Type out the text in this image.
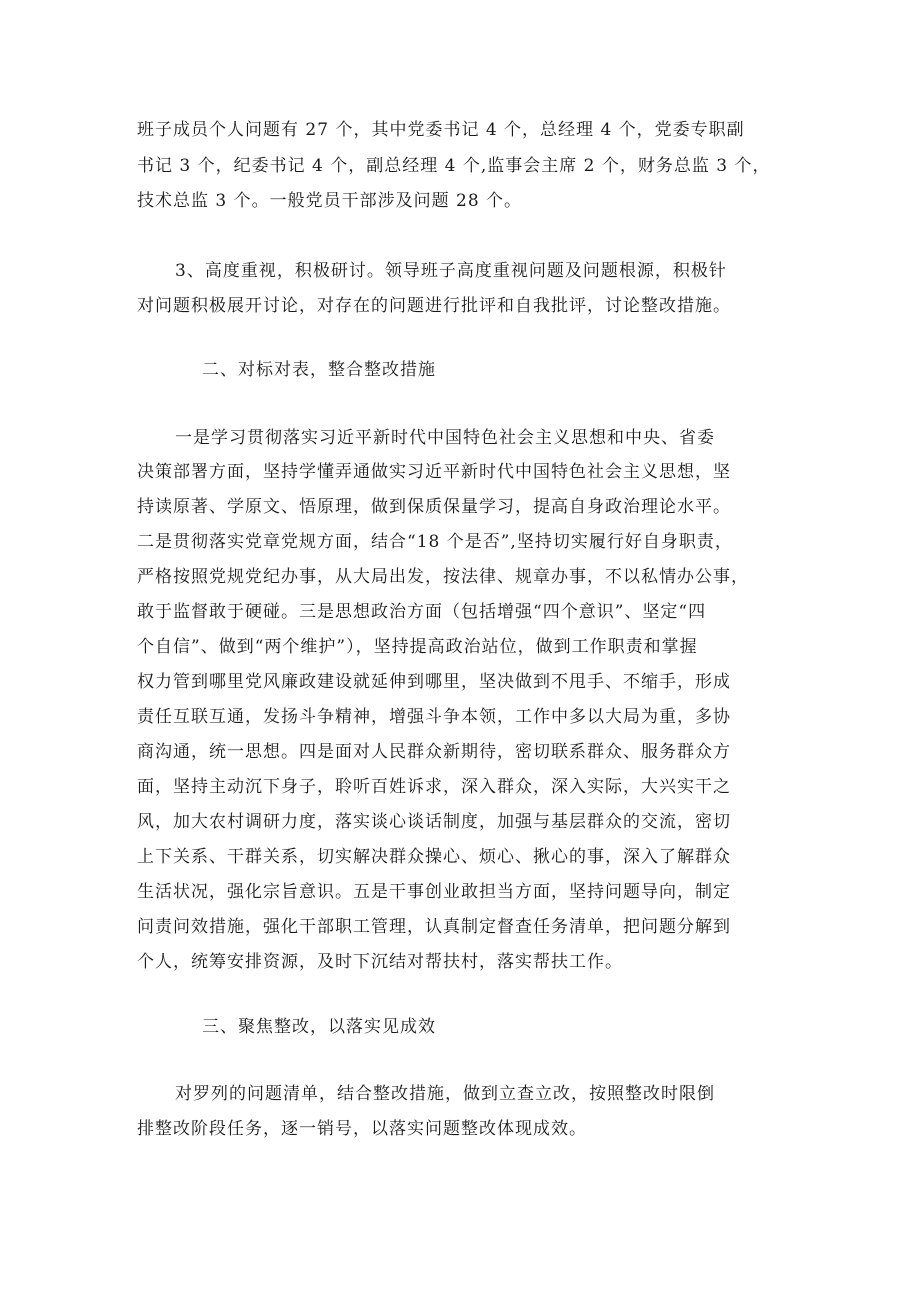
班子成员个人问题有 27 个，其中党委书记 4 个，总经理 4 个，党委专职副
书记 3 个，纪委书记 4 个，副总经理 4 个,监事会主席 2 个，财务总监 3 个，
技术总监 3 个。一般党员干部涉及问题 28 个。
3、高度重视，积极研讨。领导班子高度重视问题及问题根源，积极针
对问题积极展开讨论，对存在的问题进行批评和自我批评，讨论整改措施。
二、对标对表，整合整改措施
一是学习贯彻落实习近平新时代中国特色社会主义思想和中央、省委
决策部署方面，坚持学懂弄通做实习近平新时代中国特色社会主义思想，坚
持读原著、学原文、悟原理，做到保质保量学习，提高自身政治理论水平。
二是贯彻落实党章党规方面，结合“18 个是否”,坚持切实履行好自身职责，
严格按照党规党纪办事，从大局出发，按法律、规章办事，不以私情办公事，
敢于监督敢于硬碰。三是思想政治方面（包括增强“四个意识”、坚定“四
个自信”、做到“两个维护”），坚持提高政治站位，做到工作职责和掌握
权力管到哪里党风廉政建设就延伸到哪里，坚决做到不甩手、不缩手，形成
责任互联互通，发扬斗争精神，增强斗争本领，工作中多以大局为重，多协
商沟通，统一思想。四是面对人民群众新期待，密切联系群众、服务群众方
面，坚持主动沉下身子，聆听百姓诉求，深入群众，深入实际，大兴实干之
风，加大农村调研力度，落实谈心谈话制度，加强与基层群众的交流，密切
上下关系、干群关系，切实解决群众操心、烦心、揪心的事，深入了解群众
生活状况，强化宗旨意识。五是干事创业敢担当方面，坚持问题导向，制定
问责问效措施，强化干部职工管理，认真制定督查任务清单，把问题分解到
个人，统筹安排资源，及时下沉结对帮扶村，落实帮扶工作。
三、聚焦整改，以落实见成效
对罗列的问题清单，结合整改措施，做到立查立改，按照整改时限倒
排整改阶段任务，逐一销号，以落实问题整改体现成效。
